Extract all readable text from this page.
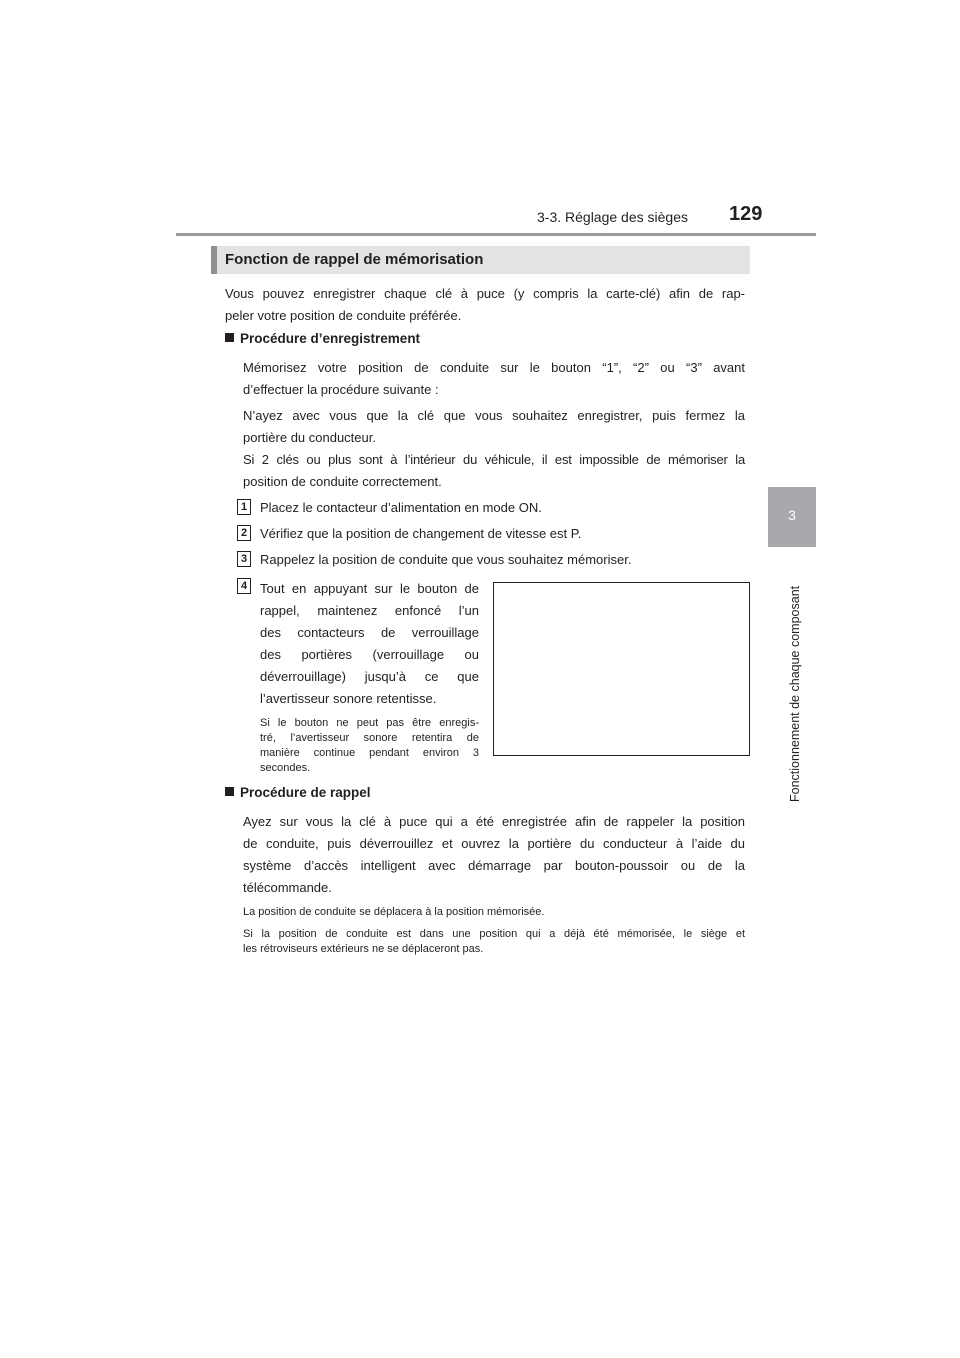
3-3. Réglage des sièges 129
3
Fonctionnement de chaque composant
Fonction de rappel de mémorisation
Vous pouvez enregistrer chaque clé à puce (y compris la carte-clé) afin de rap-
peler votre position de conduite préférée.
Procédure d’enregistrement
Mémorisez votre position de conduite sur le bouton “1”, “2” ou “3” avant
d’effectuer la procédure suivante :
N’ayez avec vous que la clé que vous souhaitez enregistrer, puis fermez la
portière du conducteur.
Si 2 clés ou plus sont à l’intérieur du véhicule, il est impossible de mémoriser la
position de conduite correctement.
1 Placez le contacteur d’alimentation en mode ON.
2 Vérifiez que la position de changement de vitesse est P.
3 Rappelez la position de conduite que vous souhaitez mémoriser.
4 Tout en appuyant sur le bouton de
rappel, maintenez enfoncé l’un
des contacteurs de verrouillage
des portières (verrouillage ou
déverrouillage) jusqu’à ce que
l’avertisseur sonore retentisse.
Si le bouton ne peut pas être enregis-
tré, l’avertisseur sonore retentira de
manière continue pendant environ 3
secondes.
Procédure de rappel
Ayez sur vous la clé à puce qui a été enregistrée afin de rappeler la position
de conduite, puis déverrouillez et ouvrez la portière du conducteur à l’aide du
système d’accès intelligent avec démarrage par bouton-poussoir ou de la
télécommande.
La position de conduite se déplacera à la position mémorisée.
Si la position de conduite est dans une position qui a déjà été mémorisée, le siège et
les rétroviseurs extérieurs ne se déplaceront pas.
